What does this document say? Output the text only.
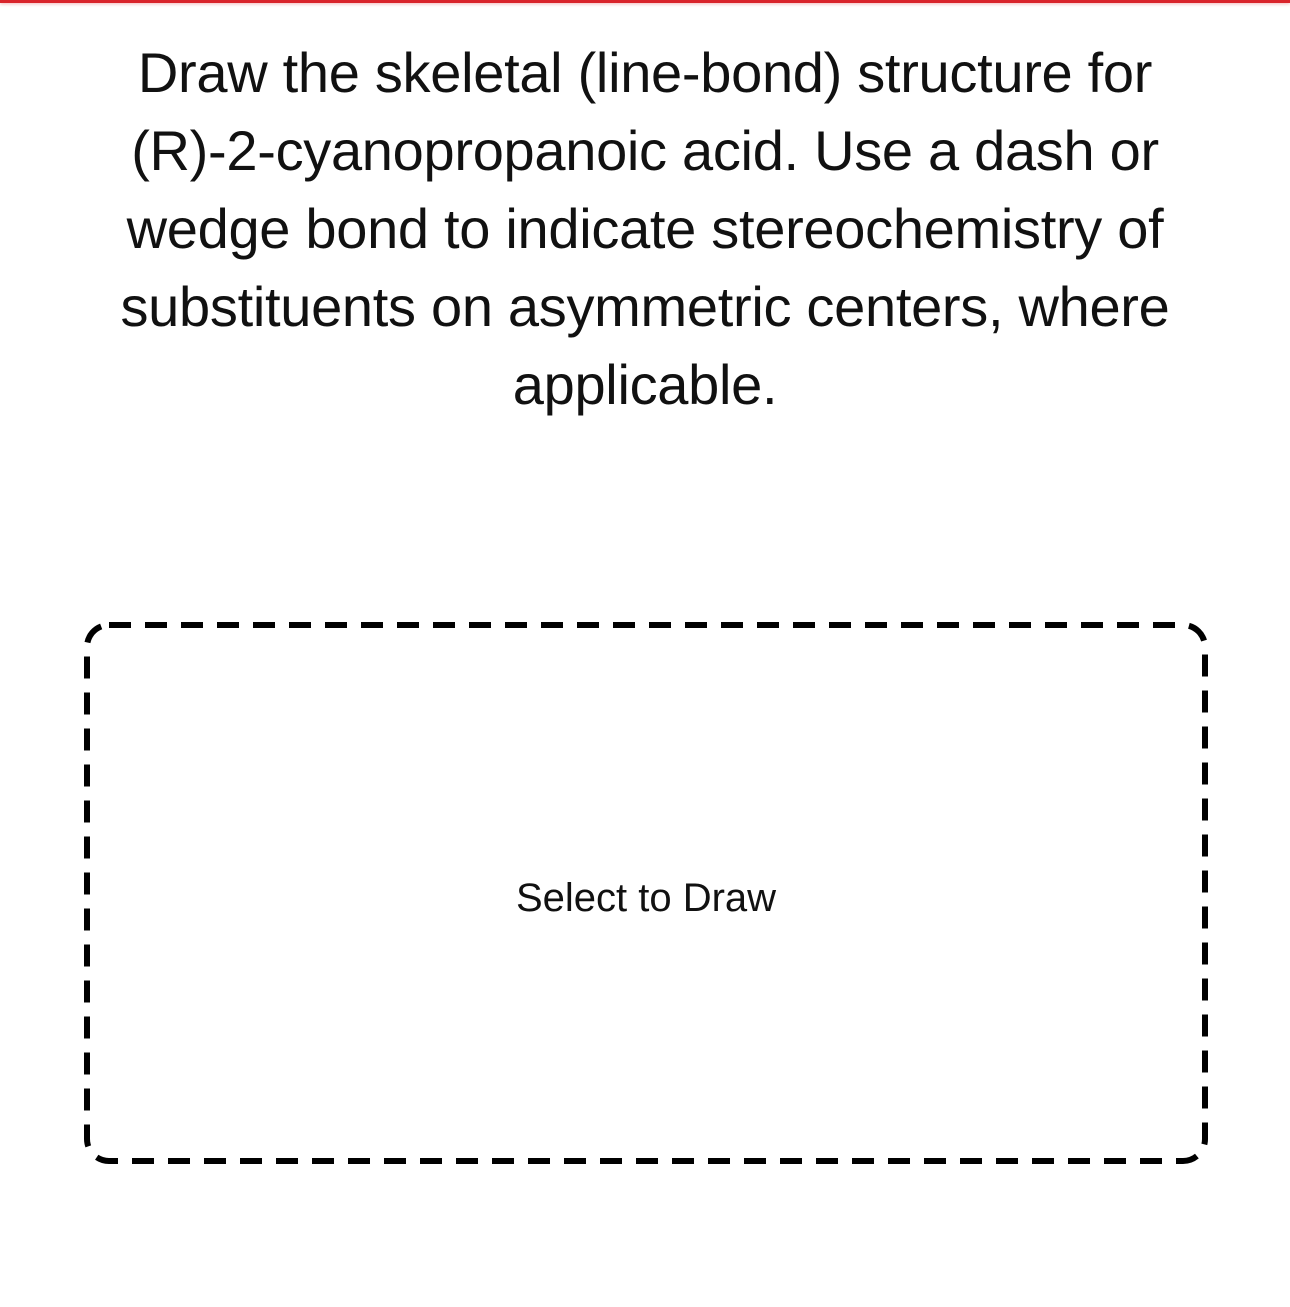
Draw the skeletal (line-bond) structure for (R)-2-cyanopropanoic acid. Use a dash or wedge bond to indicate stereochemistry of substituents on asymmetric centers, where applicable.

Select to Draw
